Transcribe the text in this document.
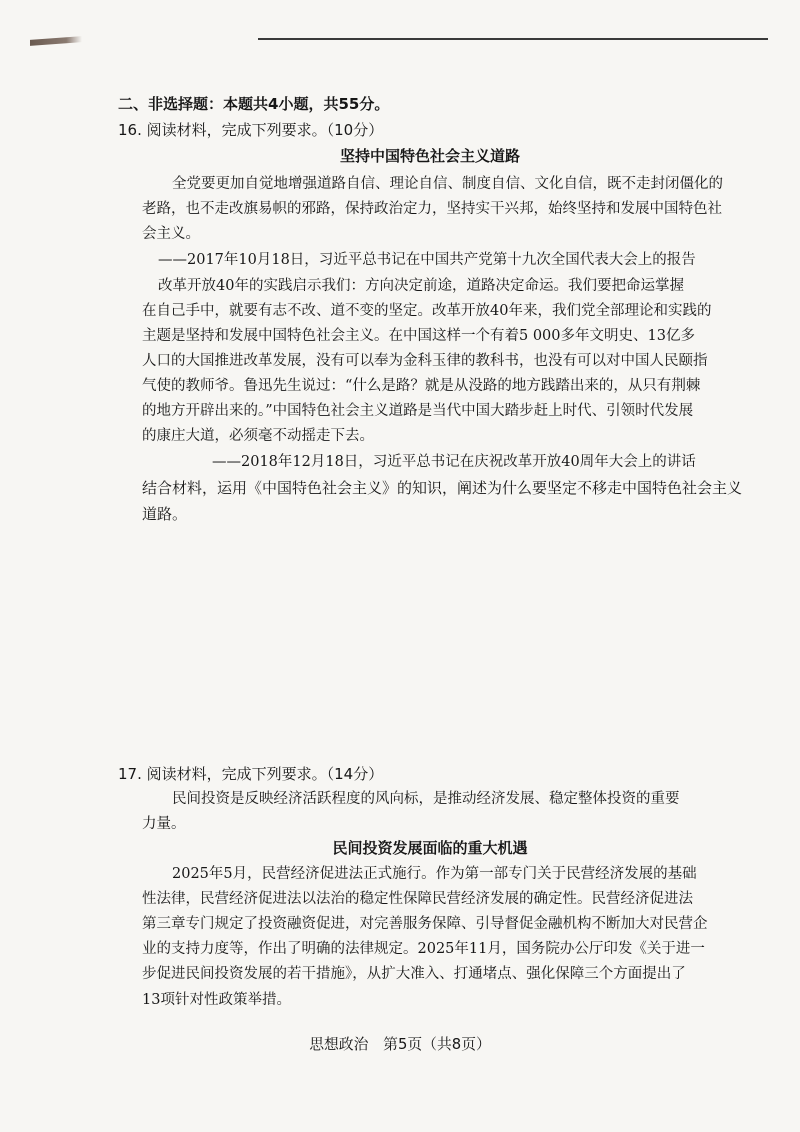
二、非选择题：本题共4小题，共55分。
16. 阅读材料，完成下列要求。（10分）
坚持中国特色社会主义道路
全党要更加自觉地增强道路自信、理论自信、制度自信、文化自信，既不走封闭僵化的
老路，也不走改旗易帜的邪路，保持政治定力，坚持实干兴邦，始终坚持和发展中国特色社
会主义。
——2017年10月18日，习近平总书记在中国共产党第十九次全国代表大会上的报告
改革开放40年的实践启示我们：方向决定前途，道路决定命运。我们要把命运掌握
在自己手中，就要有志不改、道不变的坚定。改革开放40年来，我们党全部理论和实践的
主题是坚持和发展中国特色社会主义。在中国这样一个有着5 000多年文明史、13亿多
人口的大国推进改革发展，没有可以奉为金科玉律的教科书，也没有可以对中国人民颐指
气使的教师爷。鲁迅先生说过：“什么是路？就是从没路的地方践踏出来的，从只有荆棘
的地方开辟出来的。”中国特色社会主义道路是当代中国大踏步赶上时代、引领时代发展
的康庄大道，必须毫不动摇走下去。
——2018年12月18日，习近平总书记在庆祝改革开放40周年大会上的讲话
结合材料，运用《中国特色社会主义》的知识，阐述为什么要坚定不移走中国特色社会主义
道路。
17. 阅读材料，完成下列要求。（14分）
民间投资是反映经济活跃程度的风向标，是推动经济发展、稳定整体投资的重要
力量。
民间投资发展面临的重大机遇
2025年5月，民营经济促进法正式施行。作为第一部专门关于民营经济发展的基础
性法律，民营经济促进法以法治的稳定性保障民营经济发展的确定性。民营经济促进法
第三章专门规定了投资融资促进，对完善服务保障、引导督促金融机构不断加大对民营企
业的支持力度等，作出了明确的法律规定。2025年11月，国务院办公厅印发《关于进一
步促进民间投资发展的若干措施》，从扩大准入、打通堵点、强化保障三个方面提出了
13项针对性政策举措。
思想政治　第5页（共8页）
